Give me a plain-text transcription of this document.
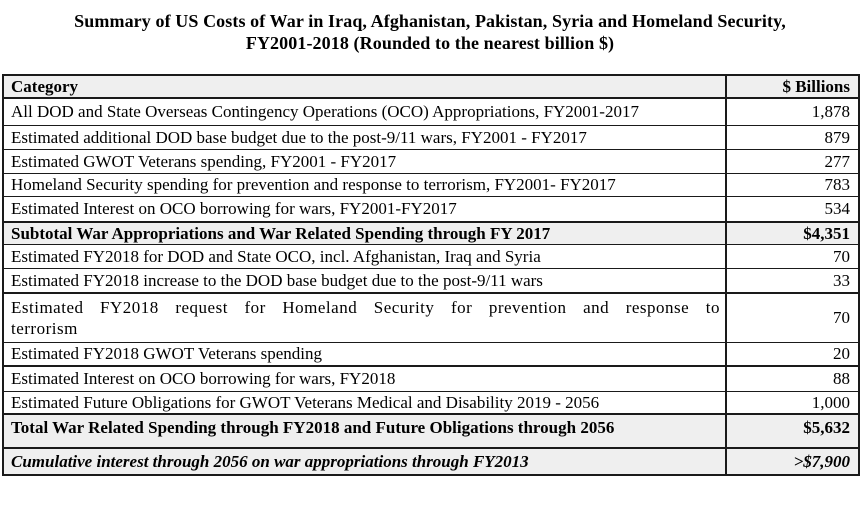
Summary of US Costs of War in Iraq, Afghanistan, Pakistan, Syria and Homeland Security,
FY2001-2018 (Rounded to the nearest billion $)
Category	$ Billions
All DOD and State Overseas Contingency Operations (OCO) Appropriations, FY2001-2017	1,878
Estimated additional DOD base budget due to the post-9/11 wars, FY2001 - FY2017	879
Estimated GWOT Veterans spending, FY2001 - FY2017	277
Homeland Security spending for prevention and response to terrorism, FY2001- FY2017	783
Estimated Interest on OCO borrowing for wars, FY2001-FY2017	534
Subtotal War Appropriations and War Related Spending through FY 2017	$4,351
Estimated FY2018 for DOD and State OCO, incl. Afghanistan, Iraq and Syria	70
Estimated FY2018 increase to the DOD base budget due to the post-9/11 wars	33
Estimated FY2018 request for Homeland Security for prevention and response to terrorism	70
Estimated FY2018 GWOT Veterans spending	20
Estimated Interest on OCO borrowing for wars, FY2018	88
Estimated Future Obligations for GWOT Veterans Medical and Disability 2019 - 2056	1,000
Total War Related Spending through FY2018 and Future Obligations through 2056	$5,632
Cumulative interest through 2056 on war appropriations through FY2013	>$7,900
